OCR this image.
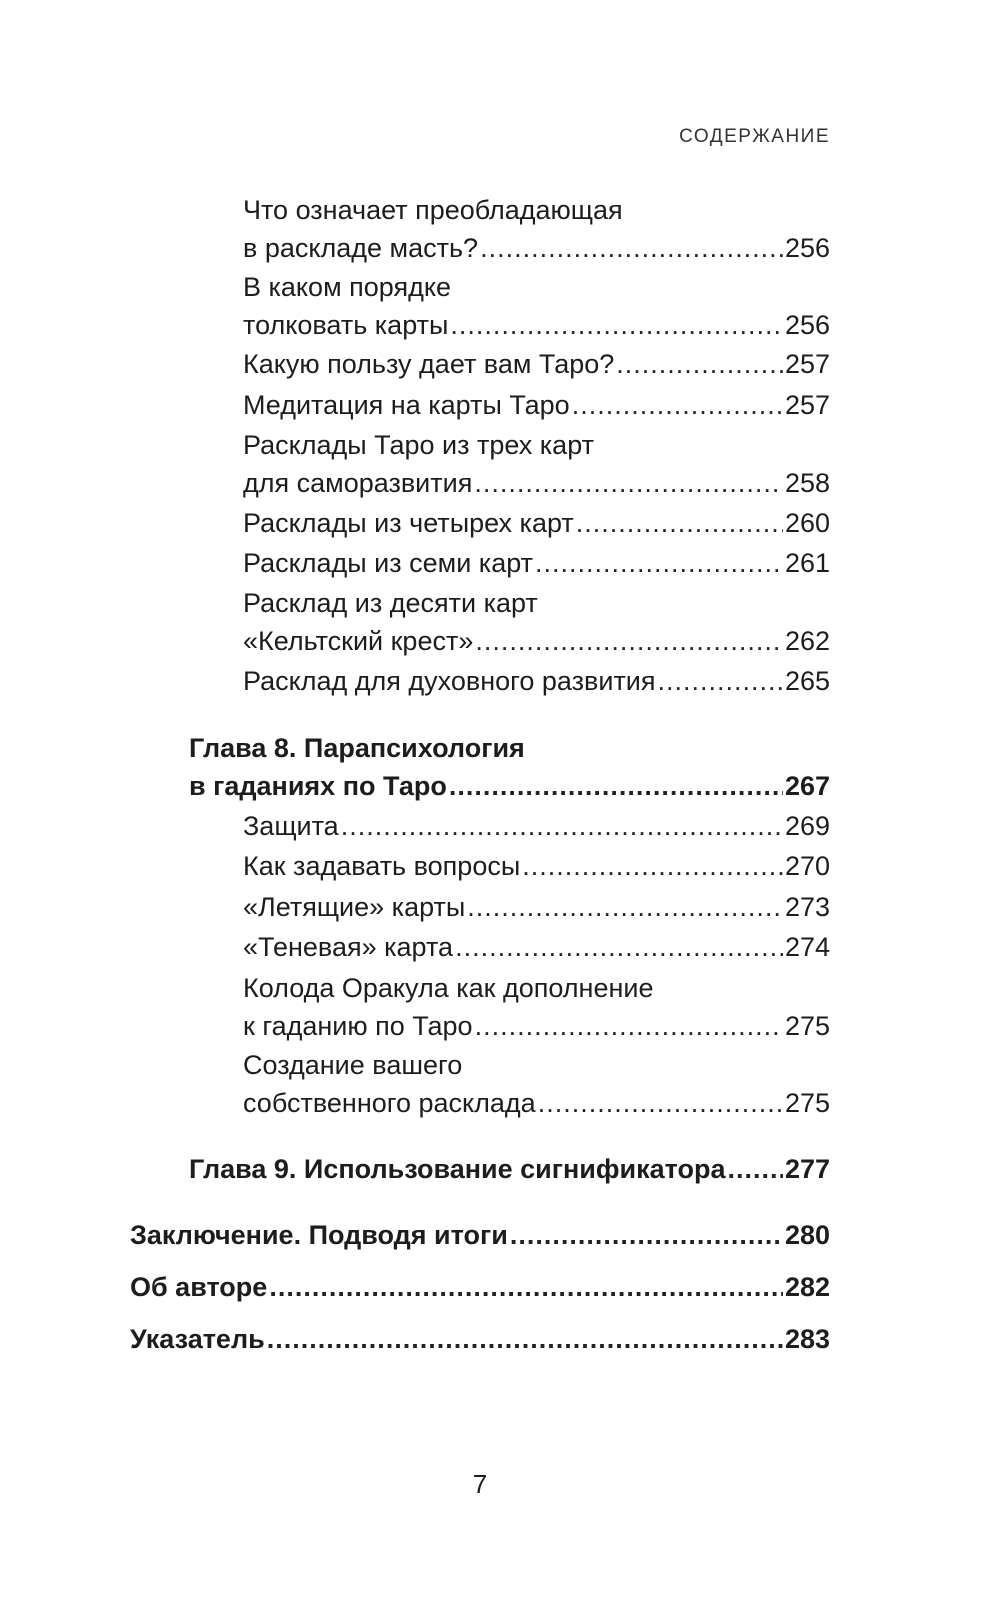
СОДЕРЖАНИЕ
Что означает преобладающая
в раскладе масть? .....	256
В каком порядке
толковать карты .....	256
Какую пользу дает вам Таро? .....	257
Медитация на карты Таро .....	257
Расклады Таро из трех карт
для саморазвития .....	258
Расклады из четырех карт .....	260
Расклады из семи карт .....	261
Расклад из десяти карт
«Кельтский крест» .....	262
Расклад для духовного развития .....	265
Глава 8. Парапсихология
в гаданиях по Таро .....	267
Защита .....	269
Как задавать вопросы .....	270
«Летящие» карты .....	273
«Теневая» карта .....	274
Колода Оракула как дополнение
к гаданию по Таро .....	275
Создание вашего
собственного расклада .....	275
Глава 9. Использование сигнификатора ..... 277
Заключение. Подводя итоги .....	280
Об авторе .....	282
Указатель .....	283
7
